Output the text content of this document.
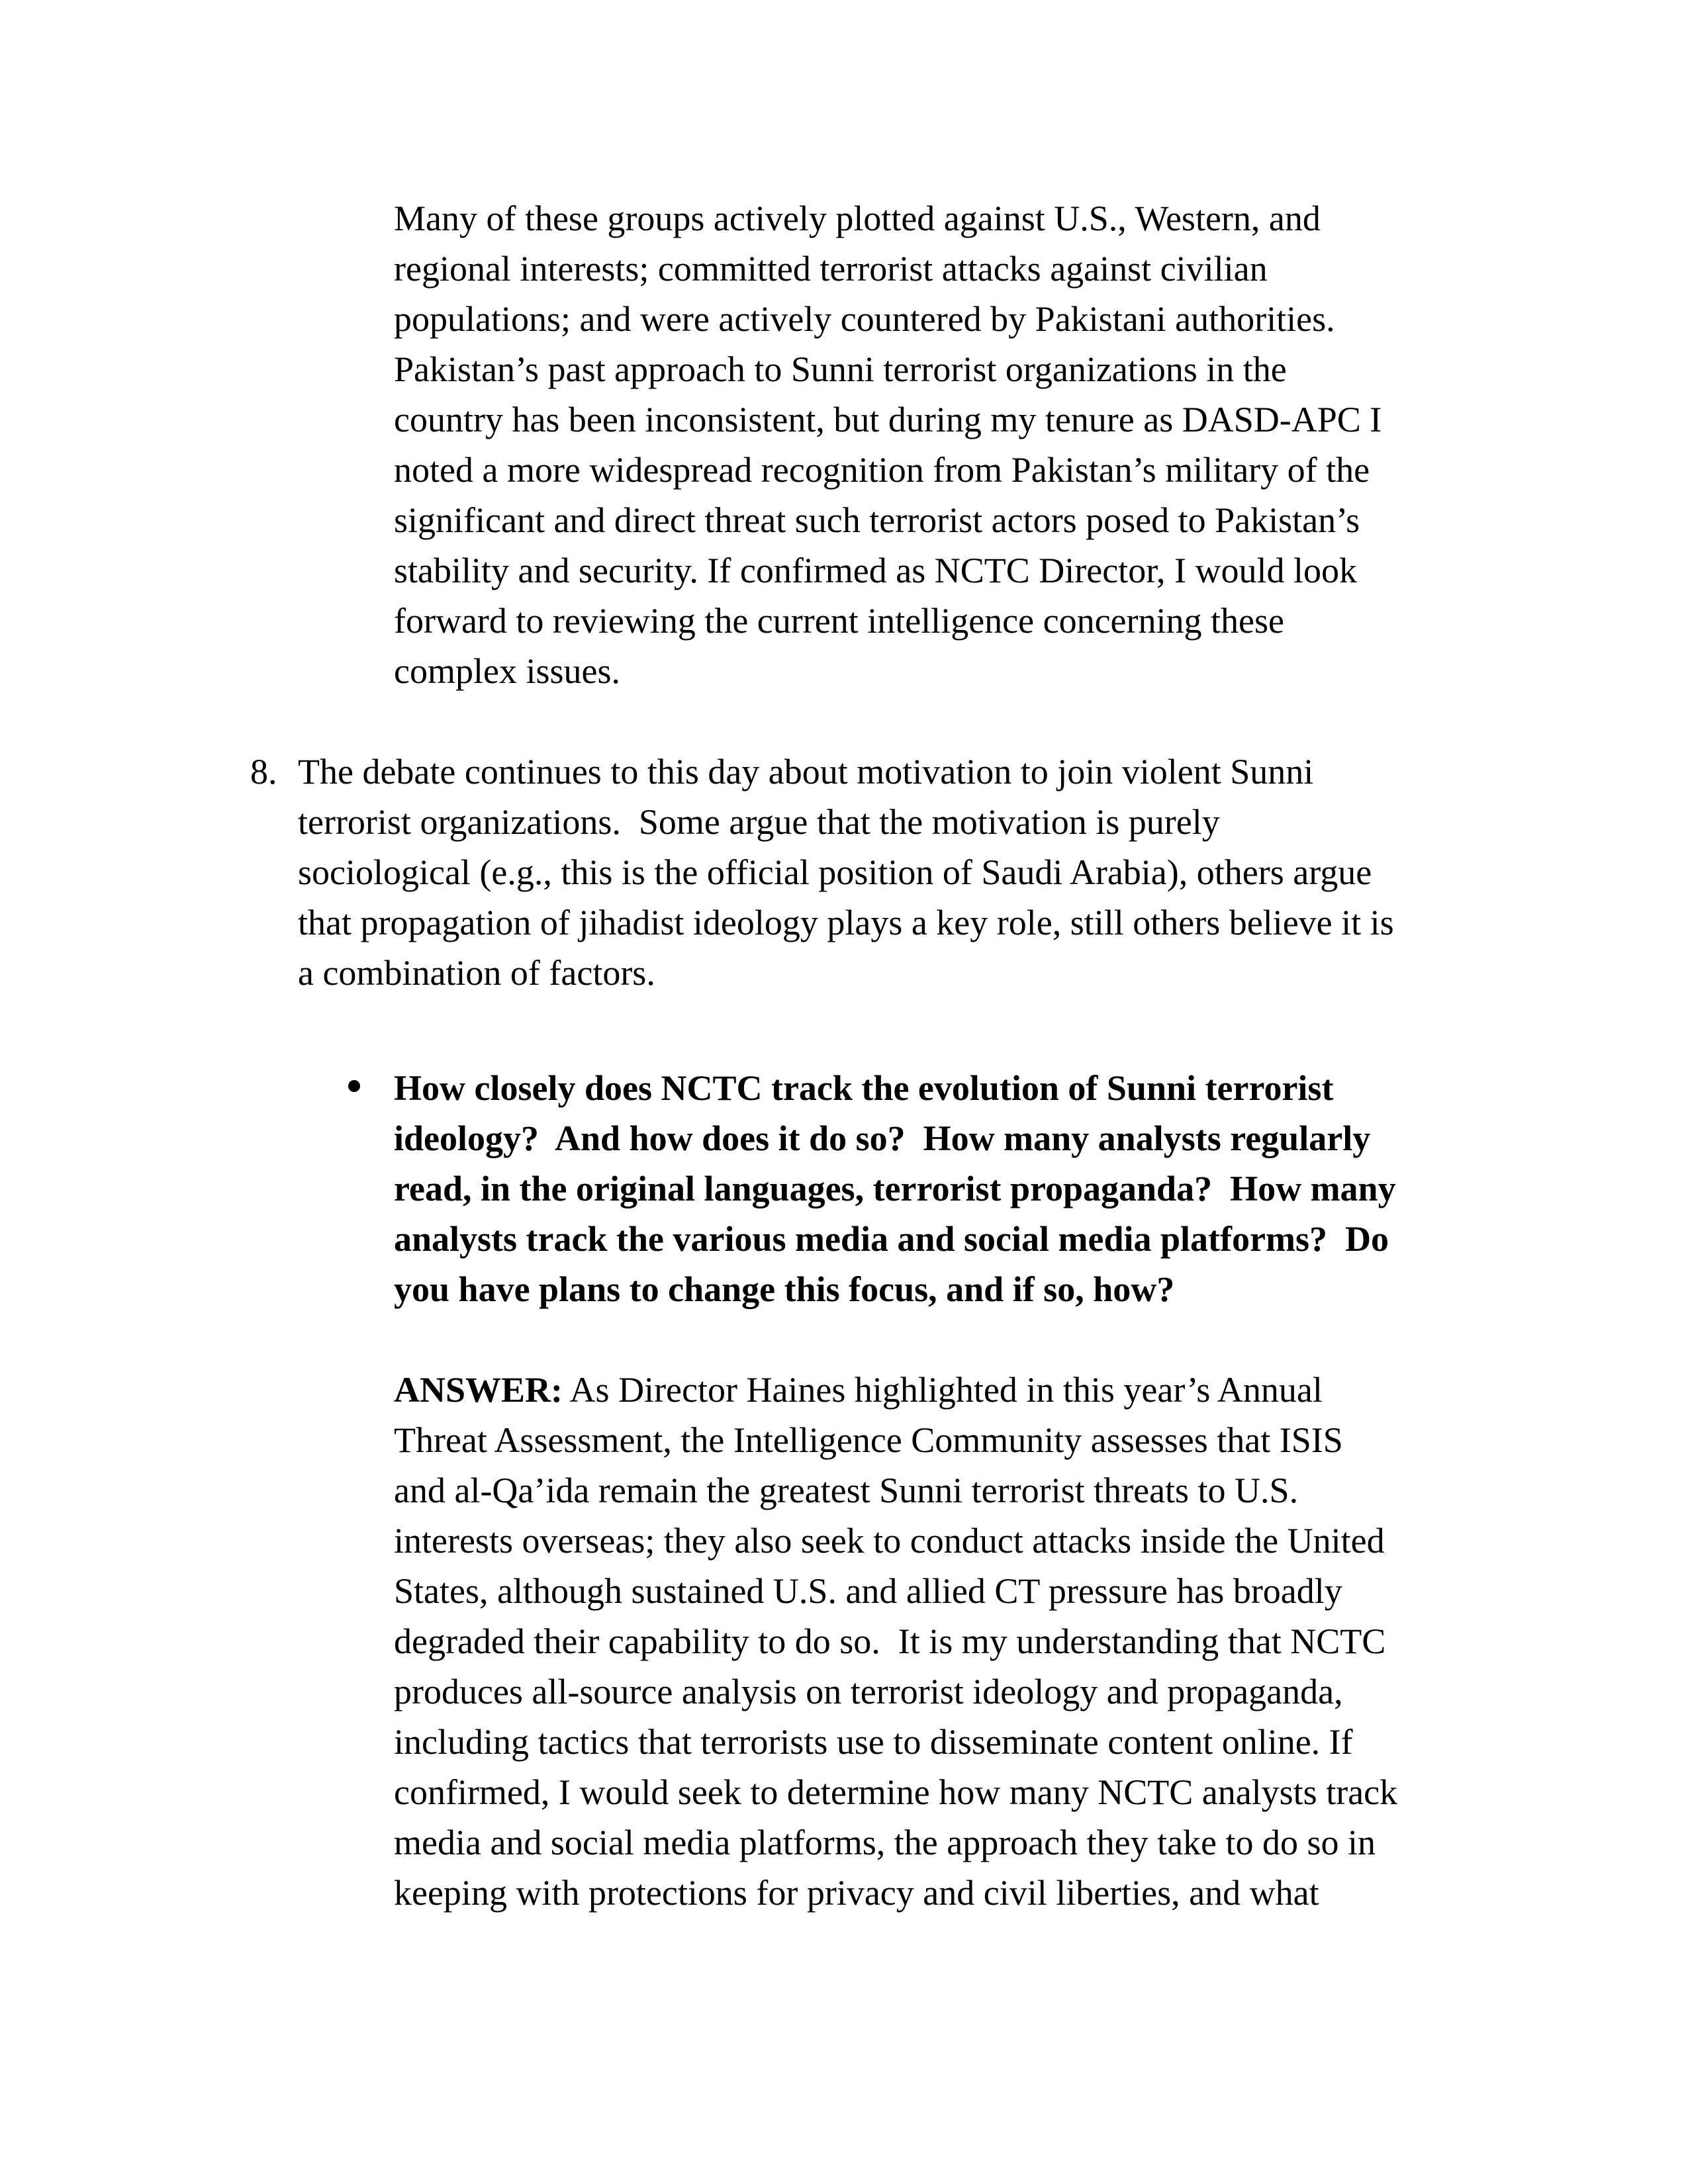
Many of these groups actively plotted against U.S., Western, and
regional interests; committed terrorist attacks against civilian
populations; and were actively countered by Pakistani authorities.
Pakistan’s past approach to Sunni terrorist organizations in the
country has been inconsistent, but during my tenure as DASD-APC I
noted a more widespread recognition from Pakistan’s military of the
significant and direct threat such terrorist actors posed to Pakistan’s
stability and security. If confirmed as NCTC Director, I would look
forward to reviewing the current intelligence concerning these
complex issues.
8. The debate continues to this day about motivation to join violent Sunni
terrorist organizations.  Some argue that the motivation is purely
sociological (e.g., this is the official position of Saudi Arabia), others argue
that propagation of jihadist ideology plays a key role, still others believe it is
a combination of factors.
How closely does NCTC track the evolution of Sunni terrorist
ideology?  And how does it do so?  How many analysts regularly
read, in the original languages, terrorist propaganda?  How many
analysts track the various media and social media platforms?  Do
you have plans to change this focus, and if so, how?
ANSWER: As Director Haines highlighted in this year’s Annual
Threat Assessment, the Intelligence Community assesses that ISIS
and al-Qa’ida remain the greatest Sunni terrorist threats to U.S.
interests overseas; they also seek to conduct attacks inside the United
States, although sustained U.S. and allied CT pressure has broadly
degraded their capability to do so.  It is my understanding that NCTC
produces all-source analysis on terrorist ideology and propaganda,
including tactics that terrorists use to disseminate content online. If
confirmed, I would seek to determine how many NCTC analysts track
media and social media platforms, the approach they take to do so in
keeping with protections for privacy and civil liberties, and what
